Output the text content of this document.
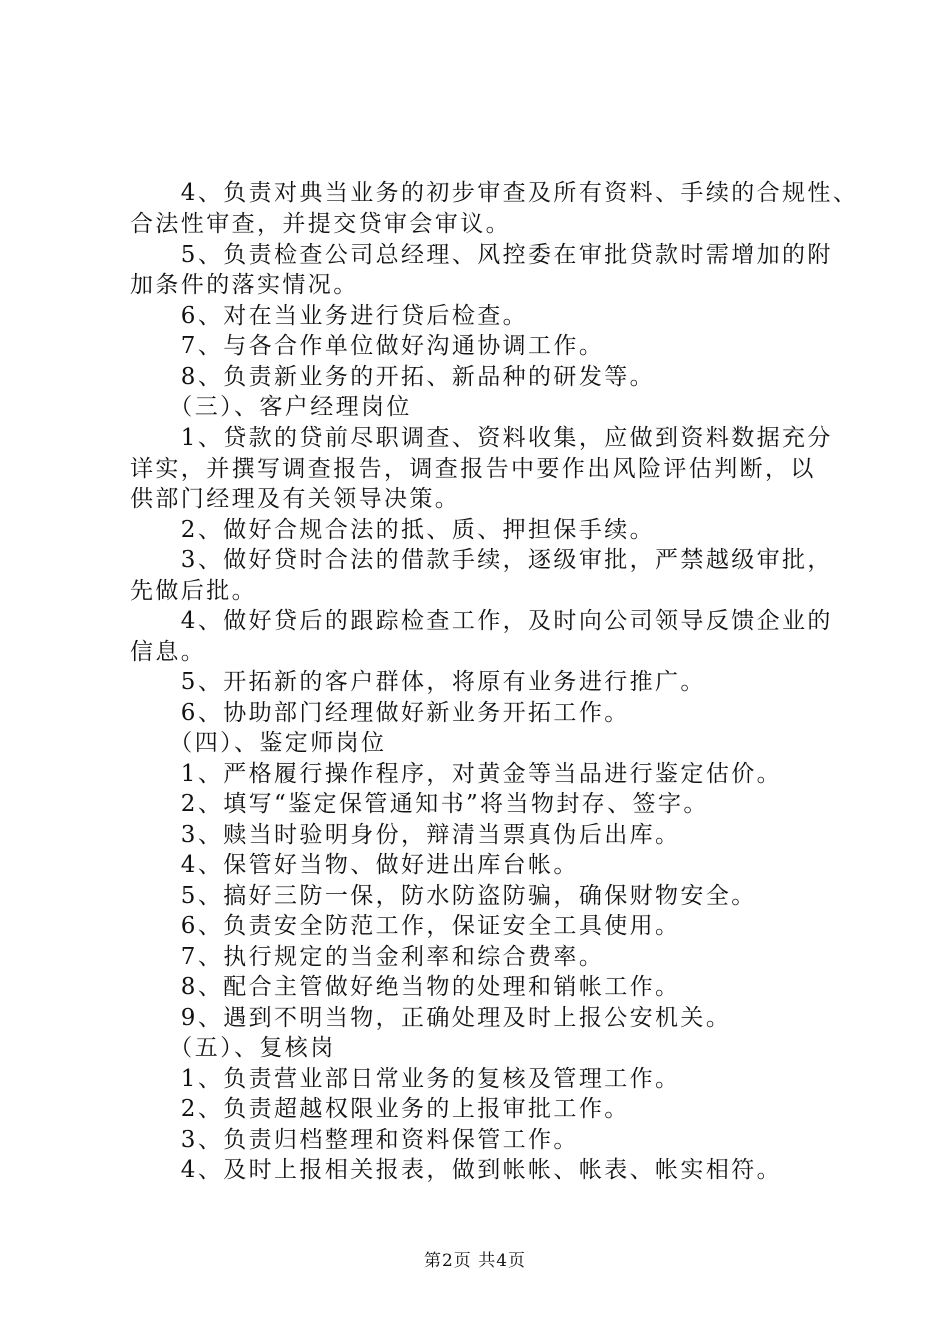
　　4、负责对典当业务的初步审查及所有资料、手续的合规性、
合法性审查，并提交贷审会审议。
　　5、负责检查公司总经理、风控委在审批贷款时需增加的附
加条件的落实情况。
　　6、对在当业务进行贷后检查。
　　7、与各合作单位做好沟通协调工作。
　　8、负责新业务的开拓、新品种的研发等。
　　（三）、客户经理岗位
　　1、贷款的贷前尽职调查、资料收集，应做到资料数据充分
详实，并撰写调查报告，调查报告中要作出风险评估判断，以
供部门经理及有关领导决策。
　　2、做好合规合法的抵、质、押担保手续。
　　3、做好贷时合法的借款手续，逐级审批，严禁越级审批，
先做后批。
　　4、做好贷后的跟踪检查工作，及时向公司领导反馈企业的
信息。
　　5、开拓新的客户群体，将原有业务进行推广。
　　6、协助部门经理做好新业务开拓工作。
　　（四）、鉴定师岗位
　　1、严格履行操作程序，对黄金等当品进行鉴定估价。
　　2、填写“鉴定保管通知书”将当物封存、签字。
　　3、赎当时验明身份，辩清当票真伪后出库。
　　4、保管好当物、做好进出库台帐。
　　5、搞好三防一保，防水防盗防骗，确保财物安全。
　　6、负责安全防范工作，保证安全工具使用。
　　7、执行规定的当金利率和综合费率。
　　8、配合主管做好绝当物的处理和销帐工作。
　　9、遇到不明当物，正确处理及时上报公安机关。
　　（五）、复核岗
　　1、负责营业部日常业务的复核及管理工作。
　　2、负责超越权限业务的上报审批工作。
　　3、负责归档整理和资料保管工作。
　　4、及时上报相关报表，做到帐帐、帐表、帐实相符。
第2页 共4页
